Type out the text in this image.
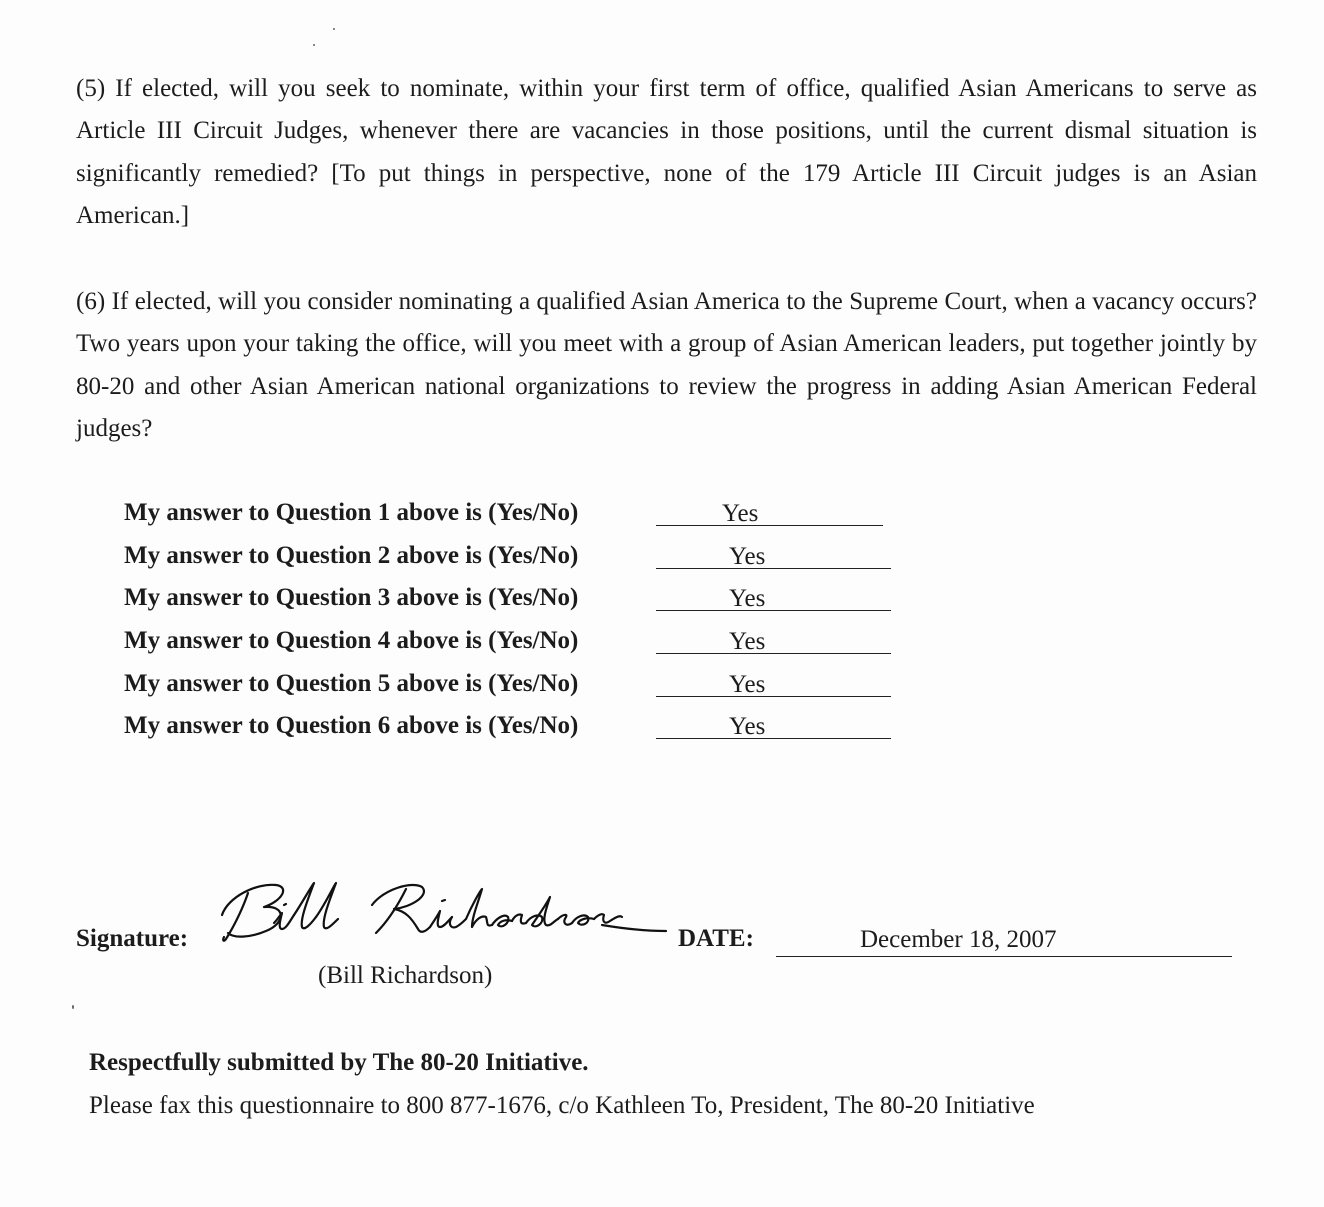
(5) If elected, will you seek to nominate, within your first term of office, qualified Asian Americans to serve as Article III Circuit Judges, whenever there are vacancies in those positions, until the current dismal situation is significantly remedied? [To put things in perspective, none of the 179 Article III Circuit judges is an Asian American.]
(6) If elected, will you consider nominating a qualified Asian America to the Supreme Court, when a vacancy occurs? Two years upon your taking the office, will you meet with a group of Asian American leaders, put together jointly by 80-20 and other Asian American national organizations to review the progress in adding Asian American Federal judges?
My answer to Question 1 above is (Yes/No)	Yes
My answer to Question 2 above is (Yes/No)	Yes
My answer to Question 3 above is (Yes/No)	Yes
My answer to Question 4 above is (Yes/No)	Yes
My answer to Question 5 above is (Yes/No)	Yes
My answer to Question 6 above is (Yes/No)	Yes
Signature:
(Bill Richardson)
DATE:	December 18, 2007
Respectfully submitted by The 80-20 Initiative.
Please fax this questionnaire to 800 877-1676, c/o Kathleen To, President, The 80-20 Initiative
